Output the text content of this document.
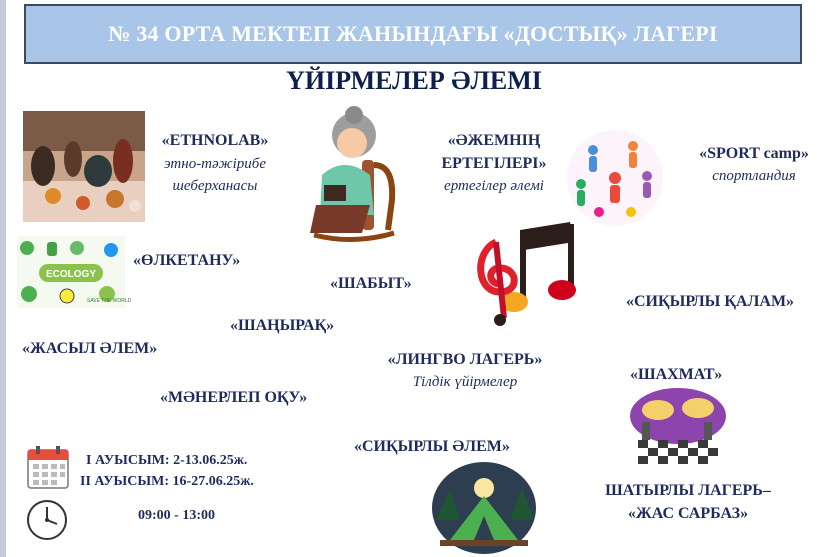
№ 34 ОРТА МЕКТЕП ЖАНЫНДАҒЫ «ДОСТЫҚ» ЛАГЕРІ
ҮЙІРМЕЛЕР ӘЛЕМІ
«ETHNOLAB»
этно-тәжірибе
шеберханасы
«ӘЖЕМНІҢ
ЕРТЕГІЛЕРІ»
ертегілер әлемі
«SPORT camp»
спортландия
ECOLOGY
SAVE THE WORLD
«ӨЛКЕТАНУ»
«ШАБЫТ»
«СИҚЫРЛЫ ҚАЛАМ»
«ШАҢЫРАҚ»
«ЖАСЫЛ ӘЛЕМ»
«ЛИНГВО ЛАГЕРЬ»
Тілдік үйірмелер	«ШАХМАТ»
«МӘНЕРЛЕП ОҚУ»
«СИҚЫРЛЫ ӘЛЕМ»
ШАТЫРЛЫ ЛАГЕРЬ–
«ЖАС САРБАЗ»
І АУЫСЫМ: 2-13.06.25ж.
ІІ АУЫСЫМ: 16-27.06.25ж.
09:00 - 13:00
